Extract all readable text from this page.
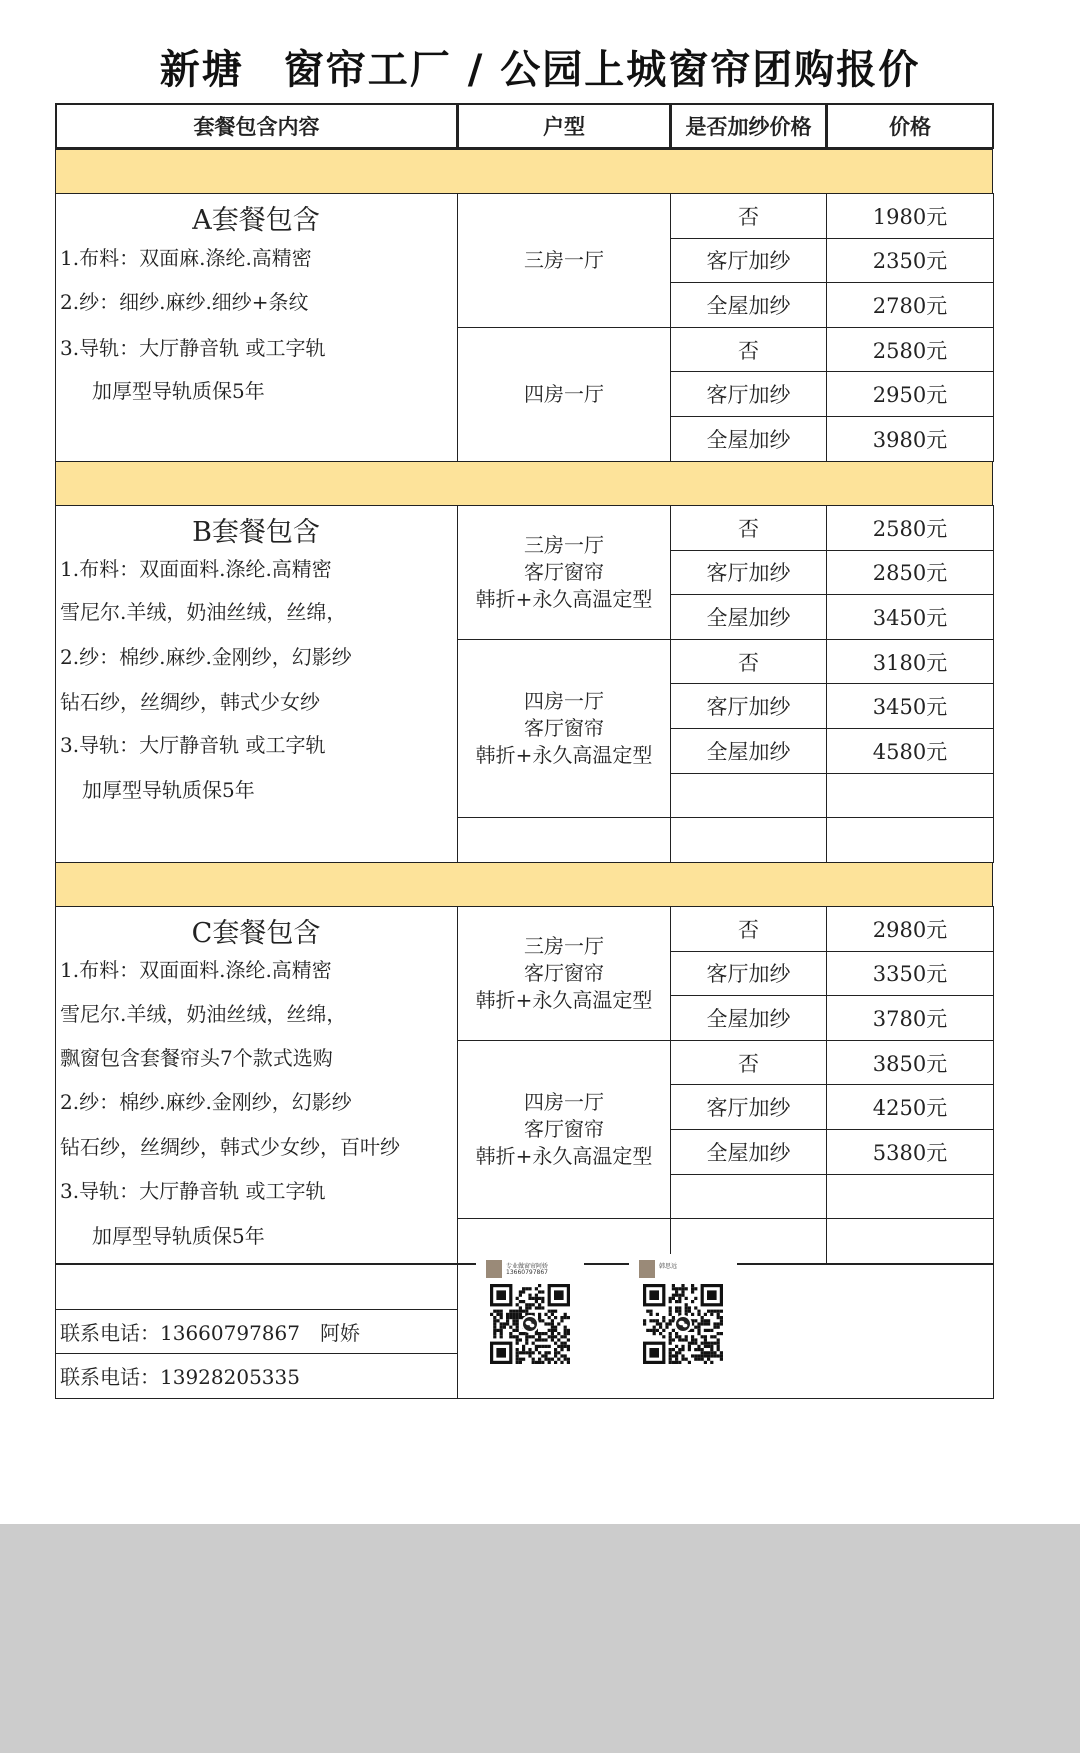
新塘 窗帘工厂 / 公园上城窗帘团购报价
套餐包含内容	户型	是否加纱价格	价格
A套餐包含
1.布料：双面麻.涤纶.高精密
2.纱：细纱.麻纱.细纱+条纹
3.导轨：大厅静音轨 或工字轨
加厚型导轨质保5年
三房一厅
否	1980元
客厅加纱	2350元
全屋加纱	2780元
四房一厅
否	2580元
客厅加纱	2950元
全屋加纱	3980元
B套餐包含
1.布料：双面面料.涤纶.高精密
雪尼尔.羊绒，奶油丝绒，丝绵，
2.纱：棉纱.麻纱.金刚纱，幻影纱
钻石纱，丝绸纱，韩式少女纱
3.导轨：大厅静音轨 或工字轨
加厚型导轨质保5年
三房一厅
客厅窗帘
韩折+永久高温定型
否	2580元
客厅加纱	2850元
全屋加纱	3450元
四房一厅
客厅窗帘
韩折+永久高温定型
否	3180元
客厅加纱	3450元
全屋加纱	4580元
C套餐包含
1.布料：双面面料.涤纶.高精密
雪尼尔.羊绒，奶油丝绒，丝绵，
飘窗包含套餐帘头7个款式选购
2.纱：棉纱.麻纱.金刚纱，幻影纱
钻石纱，丝绸纱，韩式少女纱，百叶纱
3.导轨：大厅静音轨 或工字轨
加厚型导轨质保5年
三房一厅
客厅窗帘
韩折+永久高温定型
否	2980元
客厅加纱	3350元
全屋加纱	3780元
四房一厅
客厅窗帘
韩折+永久高温定型
否	3850元
客厅加纱	4250元
全屋加纱	5380元
联系电话：13660797867　阿娇
联系电话：13928205335
专业做窗帘阿娇
13660797867
韩思远
